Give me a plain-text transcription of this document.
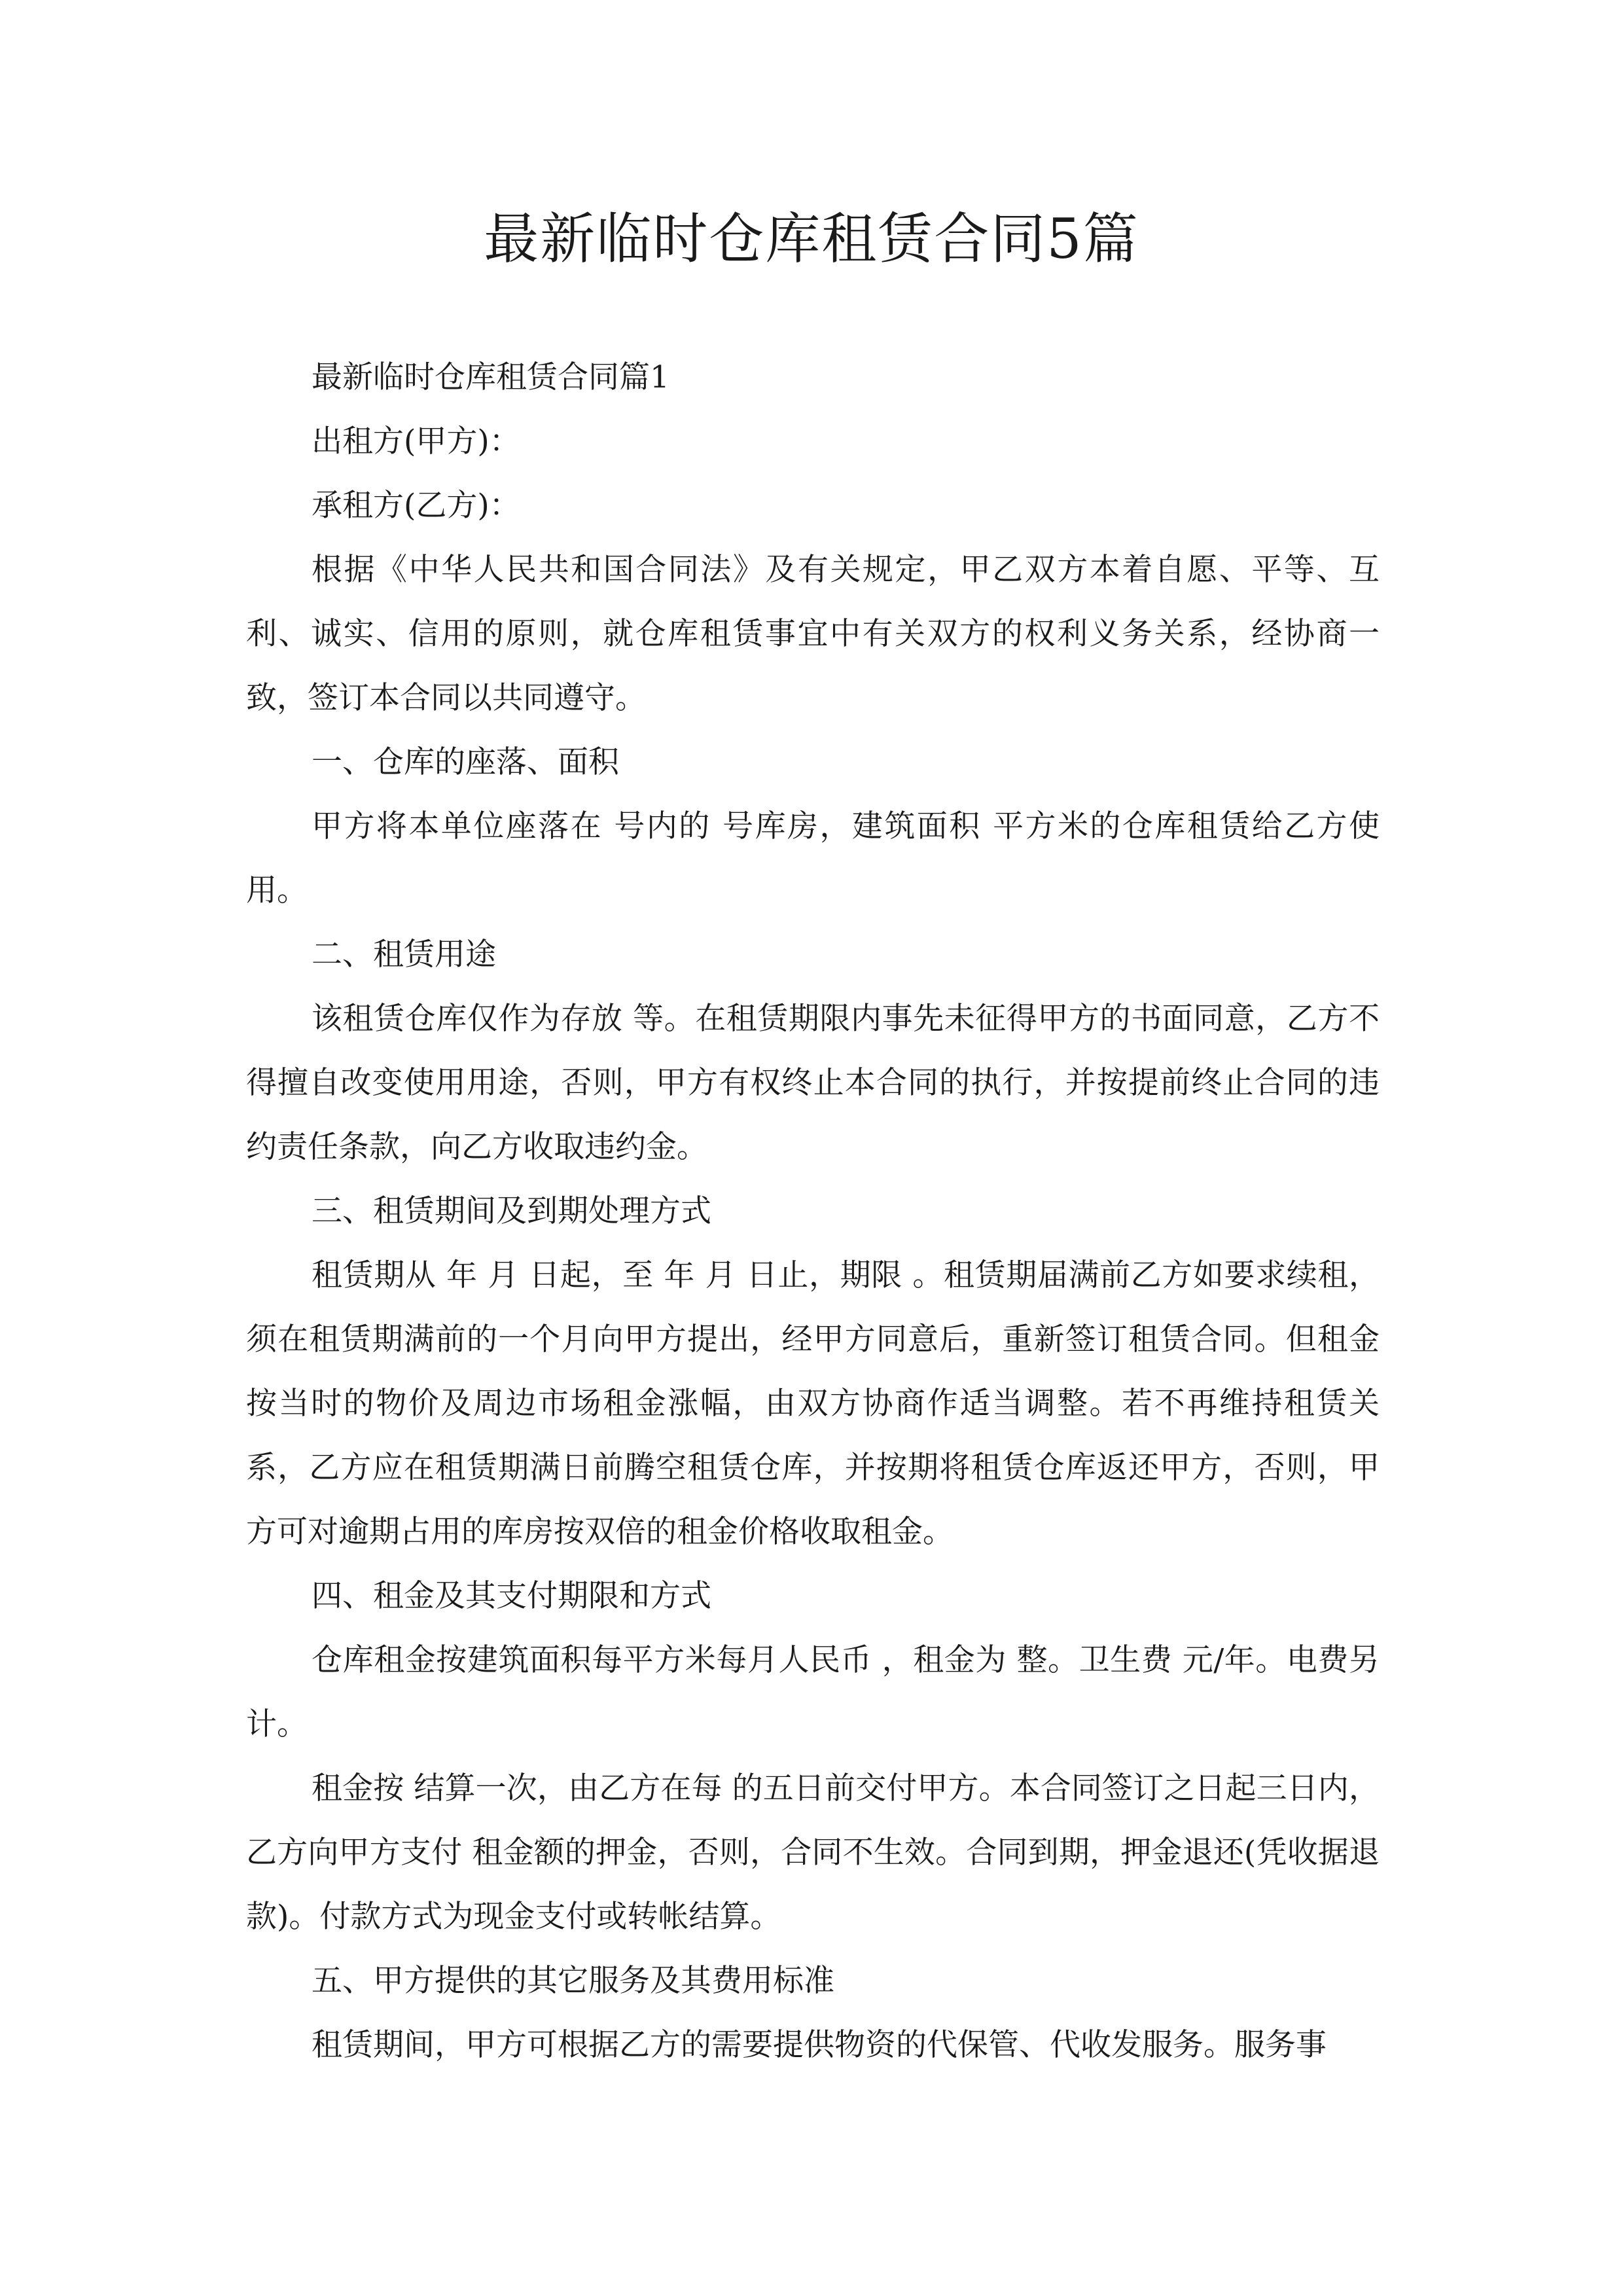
最新临时仓库租赁合同5篇

最新临时仓库租赁合同篇1

出租方(甲方)：

承租方(乙方)：

根据《中华人民共和国合同法》及有关规定，甲乙双方本着自愿、平等、互利、诚实、信用的原则，就仓库租赁事宜中有关双方的权利义务关系，经协商一致，签订本合同以共同遵守。

一、仓库的座落、面积

甲方将本单位座落在 号内的 号库房，建筑面积 平方米的仓库租赁给乙方使用。

二、租赁用途

该租赁仓库仅作为存放 等。在租赁期限内事先未征得甲方的书面同意，乙方不得擅自改变使用用途，否则，甲方有权终止本合同的执行，并按提前终止合同的违约责任条款，向乙方收取违约金。

三、租赁期间及到期处理方式

租赁期从 年 月 日起，至 年 月 日止，期限 。租赁期届满前乙方如要求续租，须在租赁期满前的一个月向甲方提出，经甲方同意后，重新签订租赁合同。但租金按当时的物价及周边市场租金涨幅，由双方协商作适当调整。若不再维持租赁关系，乙方应在租赁期满日前腾空租赁仓库，并按期将租赁仓库返还甲方，否则，甲方可对逾期占用的库房按双倍的租金价格收取租金。

四、租金及其支付期限和方式

仓库租金按建筑面积每平方米每月人民币 ，租金为 整。卫生费 元/年。电费另计。

租金按 结算一次，由乙方在每 的五日前交付甲方。本合同签订之日起三日内， 乙方向甲方支付 租金额的押金，否则，合同不生效。合同到期，押金退还(凭收据退款)。付款方式为现金支付或转帐结算。

五、甲方提供的其它服务及其费用标准

租赁期间，甲方可根据乙方的需要提供物资的代保管、代收发服务。服务事
